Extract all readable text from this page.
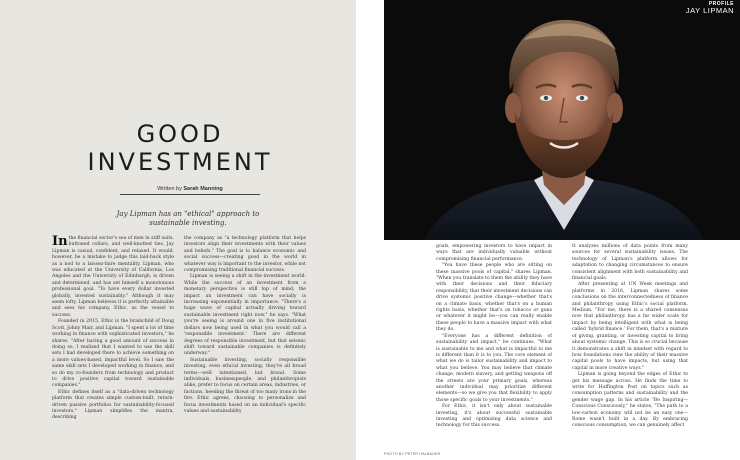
GOOD
INVESTMENT
Written by Sarah Manning
Jay Lipman has an "ethical" approach to sustainable investing.

In the financial sector's sea of men in stiff suits, buttoned collars, and well-knotted ties, Jay Lipman is casual, confident, and relaxed. It would, however, be a mistake to judge this laid-back style as a nod to a laissez-faire mentality. Lipman, who was educated at the University of California, Los Angeles and the University of Edinburgh, is driven and determined, and has set himself a monotonous professional goal. "To have every dollar invested globally, invested sustainably." Although it may seem lofty, Lipman believes it is perfectly attainable and sees his company, Ethic, as the vessel to success.

Founded in 2015, Ethic is the brainchild of Doug Scott, Johny Mair, and Lipman. "I spent a lot of time working in finance with sophisticated investors," he shares. "After having a good amount of success in doing so, I realized that I wanted to use the skill sets I had developed there to achieve something on a more values-based, impactful level. So I saw the same skill sets I developed working in finance, and so do my co-founders from technology and product to drive positive capital toward sustainable companies."

Ethic defines itself as a "data-driven technology platform that creates simple custom-built, return-driven passive portfolios for sustainability-focused investors." Lipman simplifies the mantra, describing

the company as "a technology platform that helps investors align their investments with their values and beliefs." The goal is to balance economic and social success—creating good in the world in whatever way is important to the investor, while not compromising traditional financial success.

Lipman is seeing a shift in the investment world. While the success of an investment from a monetary perspective is still top of mind, the impact an investment can have socially is increasing exponentially in importance. "There's a huge wave of capital actually driving toward sustainable investment right now," he says. "What you're seeing is around one in five institutional dollars now being used in what you would call a 'responsible investment.' There are different degrees of responsible investment, but that seismic shift toward sustainable companies is definitely underway."

Sustainable investing, socially responsible investing, even ethical investing; they're all broad terms—well intentioned, but broad. Some individuals, businesspeople, and philanthropists alike, prefer to focus on certain areas, industries, or factions, heeding the threat of too many irons in the fire. Ethic agrees, choosing to personalize and focus investments based on an individual's specific values and sustainability

PROFILE
JAY LIPMAN

goals, empowering investors to have impact in ways that are individually valuable without compromising financial performance.

"You have these people who are sitting on these massive pools of capital," shares Lipman. "When you translate to them the ability they have with their decisions and their fiduciary responsibility, that their investment decisions can drive systemic positive change—whether that's on a climate basis, whether that's on a human rights basis, whether that's on tobacco or guns or whatever it might be—you can really enable these people to have a massive impact with what they do.

"Everyone has a different definition of sustainability and impact," he continues. "What is sustainable to me and what is impactful to me is different than it is to you. The core element of what we do is tailor sustainability and impact to what you believe. You may believe that climate change, modern slavery, and getting weapons off the streets are your primary goals, whereas another individual may prioritize different elements—so we give you that flexibility to apply those specific goals to your investments."

For Ethic, it isn't only about sustainable investing, it's about successful sustainable investing and optimizing data science and technology for this success.

It analyzes millions of data points from many sources for several sustainability issues. The technology of Lipman's platform allows for adaptation to changing circumstances to ensure consistent alignment with both sustainability and financial goals.

After presenting at UN Week meetings and platforms in 2016, Lipman shares some conclusions on the interconnectedness of finance and philanthropy using Ethic's social platform, Medium. "For me, there is a shared consensus now that philanthropy has a far wider scale for impact by being intelligent with what is being called 'hybrid finance.' For them, that's a mixture of giving, granting, or investing capital to bring about systemic change. This is so crucial because it demonstrates a shift in mindset with regard to how foundations view the ability of their massive capital pools to have impacts, but using that capital in more creative ways."

Lipman is going beyond the edges of Ethic to get his message across. He finds the time to write for Huffington Post on topics such as consumption patterns and sustainability and the gender wage gap. In his article "Be Inspiring—Conscious Consciously," he states, "The path to a low-carbon economy will not be an easy one—Rome wasn't built in a day. By embracing conscious consumption, we can genuinely affect

PHOTO BY PETER HALBAUER
